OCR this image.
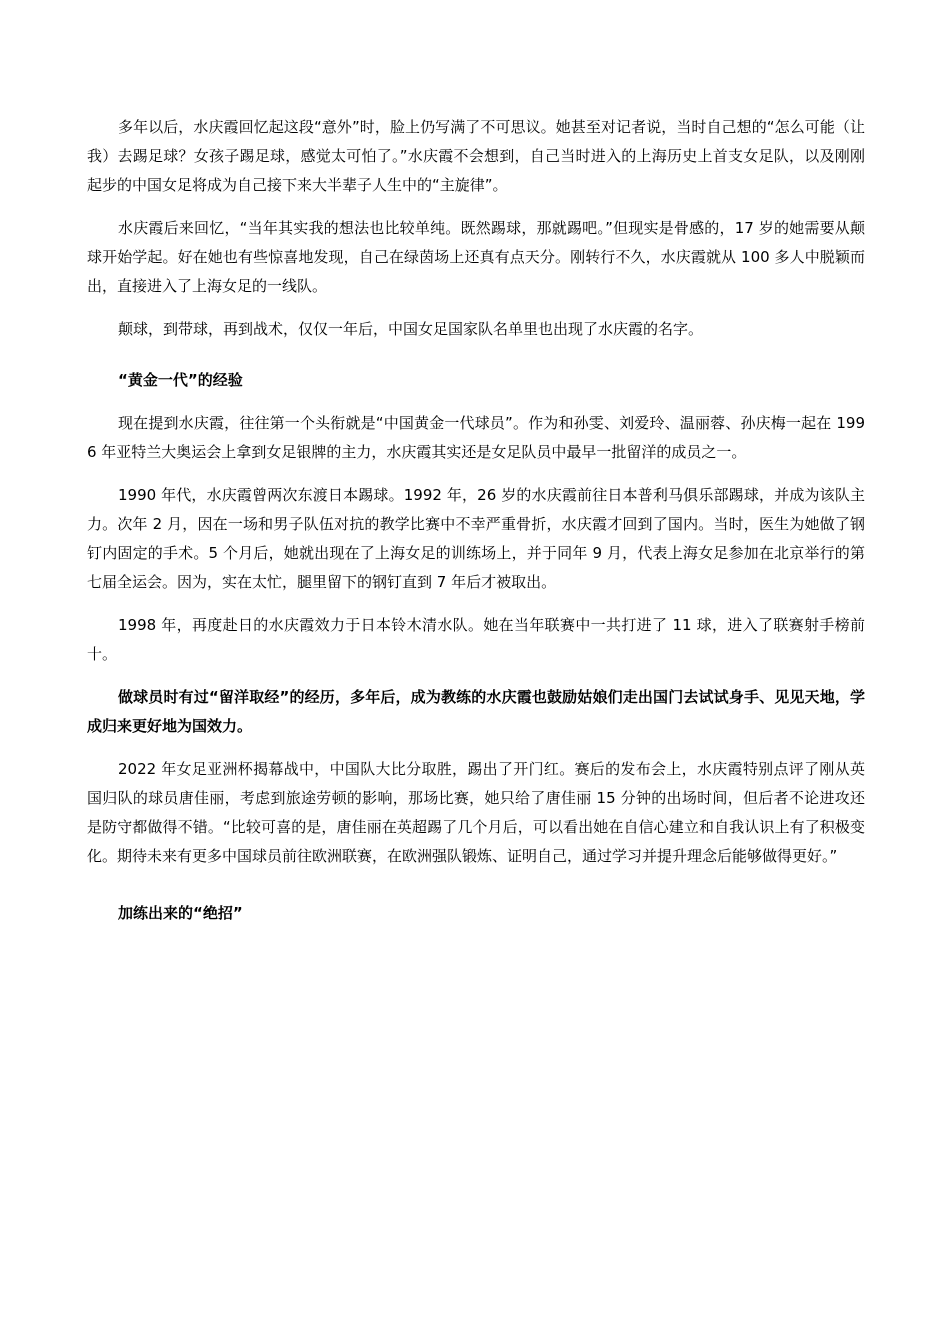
多年以后，水庆霞回忆起这段“意外”时，脸上仍写满了不可思议。她甚至对记者说，当时自己想的“怎么可能（让我）去踢足球？女孩子踢足球，感觉太可怕了。”水庆霞不会想到，自己当时进入的上海历史上首支女足队，以及刚刚起步的中国女足将成为自己接下来大半辈子人生中的“主旋律”。

水庆霞后来回忆，“当年其实我的想法也比较单纯。既然踢球，那就踢吧。”但现实是骨感的，17 岁的她需要从颠球开始学起。好在她也有些惊喜地发现，自己在绿茵场上还真有点天分。刚转行不久，水庆霞就从 100 多人中脱颖而出，直接进入了上海女足的一线队。

颠球，到带球，再到战术，仅仅一年后，中国女足国家队名单里也出现了水庆霞的名字。

“黄金一代”的经验

现在提到水庆霞，往往第一个头衔就是“中国黄金一代球员”。作为和孙雯、刘爱玲、温丽蓉、孙庆梅一起在 1996 年亚特兰大奥运会上拿到女足银牌的主力，水庆霞其实还是女足队员中最早一批留洋的成员之一。

1990 年代，水庆霞曾两次东渡日本踢球。1992 年，26 岁的水庆霞前往日本普利马俱乐部踢球，并成为该队主力。次年 2 月，因在一场和男子队伍对抗的教学比赛中不幸严重骨折，水庆霞才回到了国内。当时，医生为她做了钢钉内固定的手术。5 个月后，她就出现在了上海女足的训练场上，并于同年 9 月，代表上海女足参加在北京举行的第七届全运会。因为，实在太忙，腿里留下的钢钉直到 7 年后才被取出。

1998 年，再度赴日的水庆霞效力于日本铃木清水队。她在当年联赛中一共打进了 11 球，进入了联赛射手榜前十。

做球员时有过“留洋取经”的经历，多年后，成为教练的水庆霞也鼓励姑娘们走出国门去试试身手、见见天地，学成归来更好地为国效力。

2022 年女足亚洲杯揭幕战中，中国队大比分取胜，踢出了开门红。赛后的发布会上，水庆霞特别点评了刚从英国归队的球员唐佳丽，考虑到旅途劳顿的影响，那场比赛，她只给了唐佳丽 15 分钟的出场时间，但后者不论进攻还是防守都做得不错。“比较可喜的是，唐佳丽在英超踢了几个月后，可以看出她在自信心建立和自我认识上有了积极变化。期待未来有更多中国球员前往欧洲联赛，在欧洲强队锻炼、证明自己，通过学习并提升理念后能够做得更好。”

加练出来的“绝招”
